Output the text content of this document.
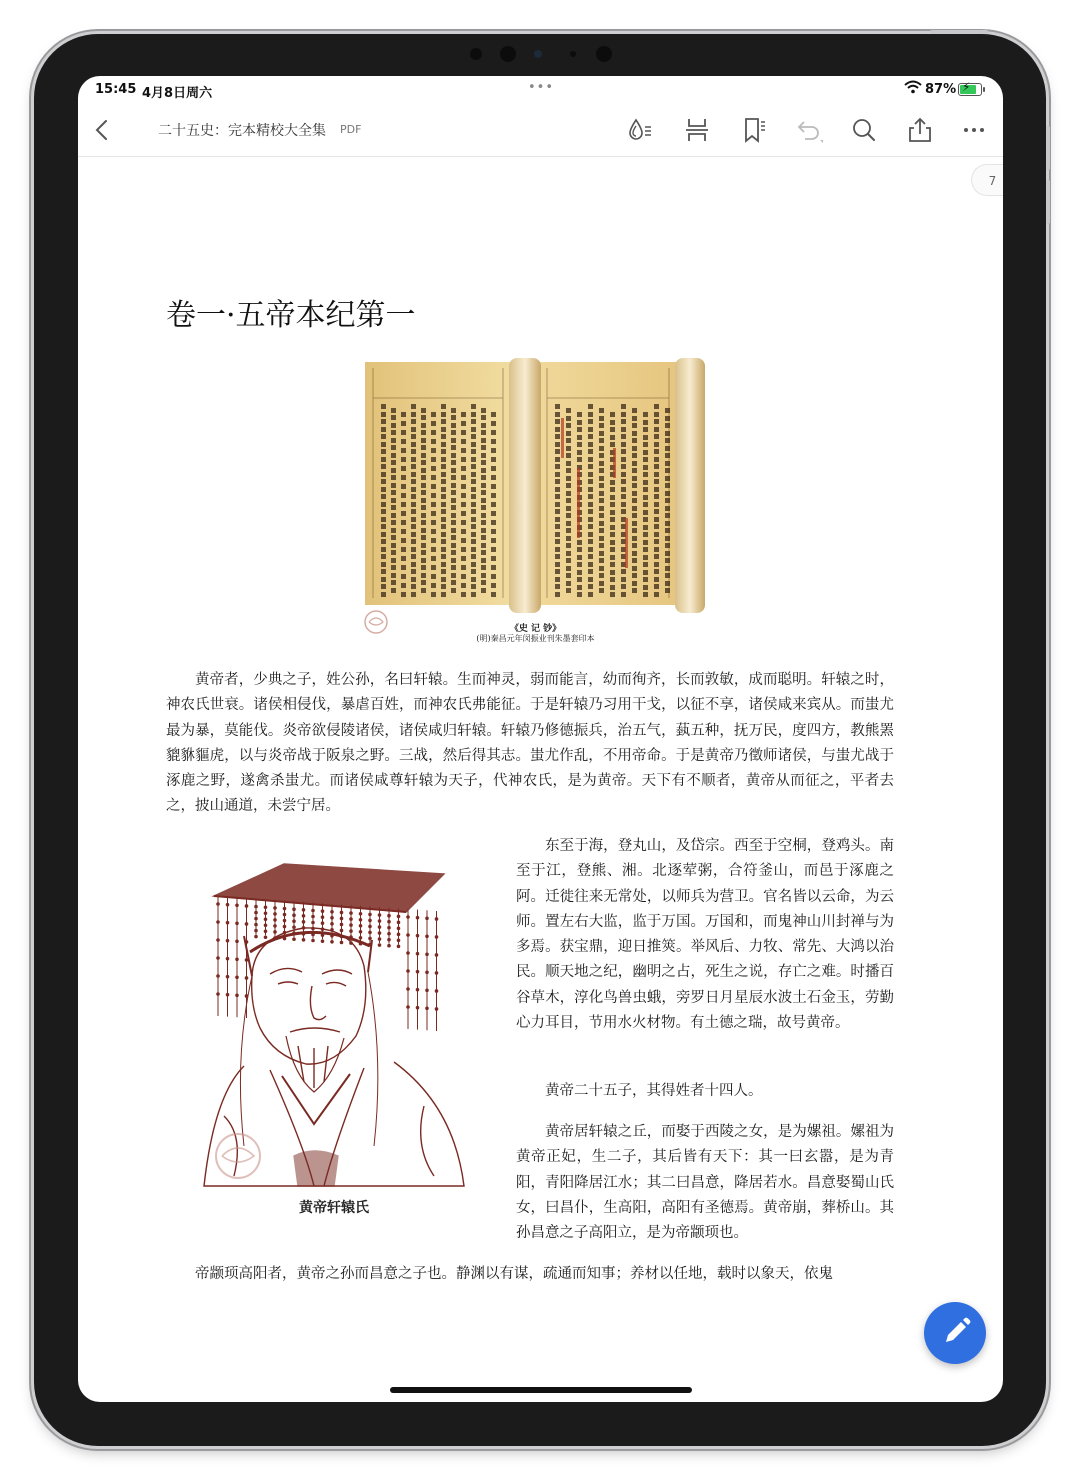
15:45 4月8日周六	•••	87% ⚡
二十五史：完本精校大全集 PDF
7
卷一·五帝本纪第一
《史 记 钞》
(明)秦昌元年闵振业刊朱墨套印本

黄帝者，少典之子，姓公孙，名曰轩辕。生而神灵，弱而能言，幼而徇齐，长而敦敏，成而聪明。轩辕之时，神农氏世衰。诸侯相侵伐，暴虐百姓，而神农氏弗能征。于是轩辕乃习用干戈，以征不享，诸侯咸来宾从。而蚩尤最为暴，莫能伐。炎帝欲侵陵诸侯，诸侯咸归轩辕。轩辕乃修德振兵，治五气，蓺五种，抚万民，度四方，教熊罴貔貅貙虎，以与炎帝战于阪泉之野。三战，然后得其志。蚩尤作乱，不用帝命。于是黄帝乃徵师诸侯，与蚩尤战于涿鹿之野，遂禽杀蚩尤。而诸侯咸尊轩辕为天子，代神农氏，是为黄帝。天下有不顺者，黄帝从而征之，平者去之，披山通道，未尝宁居。

黄帝轩辕氏

东至于海，登丸山，及岱宗。西至于空桐，登鸡头。南至于江，登熊、湘。北逐荤粥，合符釜山，而邑于涿鹿之阿。迁徙往来无常处，以师兵为营卫。官名皆以云命，为云师。置左右大监，监于万国。万国和，而鬼神山川封禅与为多焉。获宝鼎，迎日推筴。举风后、力牧、常先、大鸿以治民。顺天地之纪，幽明之占，死生之说，存亡之难。时播百谷草木，淳化鸟兽虫蛾，旁罗日月星辰水波土石金玉，劳勤心力耳目，节用水火材物。有土德之瑞，故号黄帝。

黄帝二十五子，其得姓者十四人。

黄帝居轩辕之丘，而娶于西陵之女，是为嫘祖。嫘祖为黄帝正妃，生二子，其后皆有天下：其一曰玄嚣，是为青阳，青阳降居江水；其二曰昌意，降居若水。昌意娶蜀山氏女，曰昌仆，生高阳，高阳有圣德焉。黄帝崩，葬桥山。其孙昌意之子高阳立，是为帝颛顼也。

帝颛顼高阳者，黄帝之孙而昌意之子也。静渊以有谋，疏通而知事；养材以任地，载时以象天，依鬼
